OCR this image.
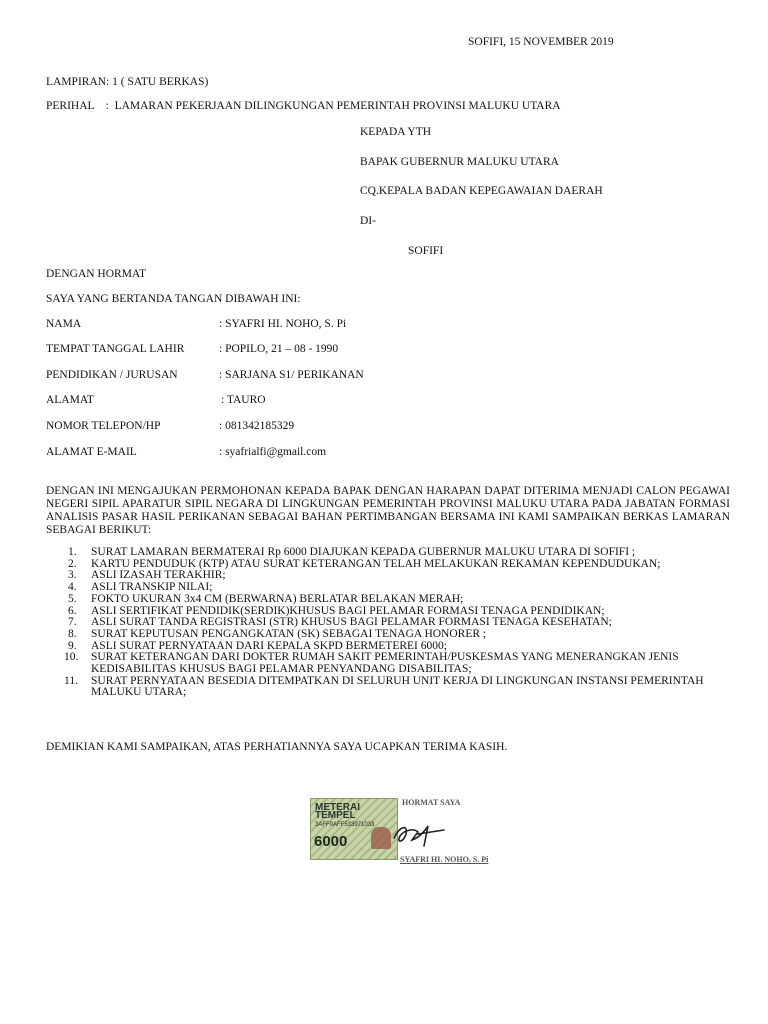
SOFIFI, 15 NOVEMBER 2019
LAMPIRAN: 1 ( SATU BERKAS)
PERIHAL    :  LAMARAN PEKERJAAN DILINGKUNGAN PEMERINTAH PROVINSI MALUKU UTARA
KEPADA YTH
BAPAK GUBERNUR MALUKU UTARA
CQ.KEPALA BADAN KEPEGAWAIAN DAERAH
DI-
SOFIFI
DENGAN HORMAT
SAYA YANG BERTANDA TANGAN DIBAWAH INI:
NAMA	: SYAFRI HI. NOHO, S. Pi
TEMPAT TANGGAL LAHIR	: POPILO, 21 – 08 - 1990
PENDIDIKAN / JURUSAN	: SARJANA S1/ PERIKANAN
ALAMAT	: TAURO
NOMOR TELEPON/HP	: 081342185329
ALAMAT E-MAIL	: syafrialfi@gmail.com
DENGAN INI MENGAJUKAN PERMOHONAN KEPADA BAPAK DENGAN HARAPAN DAPAT DITERIMA MENJADI CALON PEGAWAI NEGERI SIPIL APARATUR SIPIL NEGARA DI LINGKUNGAN PEMERINTAH PROVINSI MALUKU UTARA PADA JABATAN FORMASI ANALISIS PASAR HASIL PERIKANAN SEBAGAI BAHAN PERTIMBANGAN BERSAMA INI KAMI SAMPAIKAN BERKAS LAMARAN SEBAGAI BERIKUT:
1. SURAT LAMARAN BERMATERAI Rp 6000 DIAJUKAN KEPADA GUBERNUR MALUKU UTARA DI SOFIFI ;
2. KARTU PENDUDUK (KTP) ATAU SURAT KETERANGAN TELAH MELAKUKAN REKAMAN KEPENDUDUKAN;
3. ASLI IZASAH TERAKHIR;
4. ASLI TRANSKIP NILAI;
5. FOKTO UKURAN 3x4 CM (BERWARNA) BERLATAR BELAKAN MERAH;
6. ASLI SERTIFIKAT PENDIDIK(SERDIK)KHUSUS BAGI PELAMAR FORMASI TENAGA PENDIDIKAN;
7. ASLI SURAT TANDA REGISTRASI (STR) KHUSUS BAGI PELAMAR FORMASI TENAGA KESEHATAN;
8. SURAT KEPUTUSAN PENGANGKATAN (SK) SEBAGAI TENAGA HONORER ;
9. ASLI SURAT PERNYATAAN DARI KEPALA SKPD BERMETEREI 6000;
10. SURAT KETERANGAN DARI DOKTER RUMAH SAKIT PEMERINTAH/PUSKESMAS YANG MENERANGKAN JENIS KEDISABILITAS KHUSUS BAGI PELAMAR PENYANDANG DISABILITAS;
11. SURAT PERNYATAAN BESEDIA DITEMPATKAN DI SELURUH UNIT KERJA DI LINGKUNGAN INSTANSI PEMERINTAH MALUKU UTARA;
DEMIKIAN KAMI SAMPAIKAN, ATAS PERHATIANNYA SAYA UCAPKAN TERIMA KASIH.
METERAI
TEMPEL
3AFF0AFF533971033
6000
HORMAT SAYA
SYAFRI HI. NOHO, S. Pi
